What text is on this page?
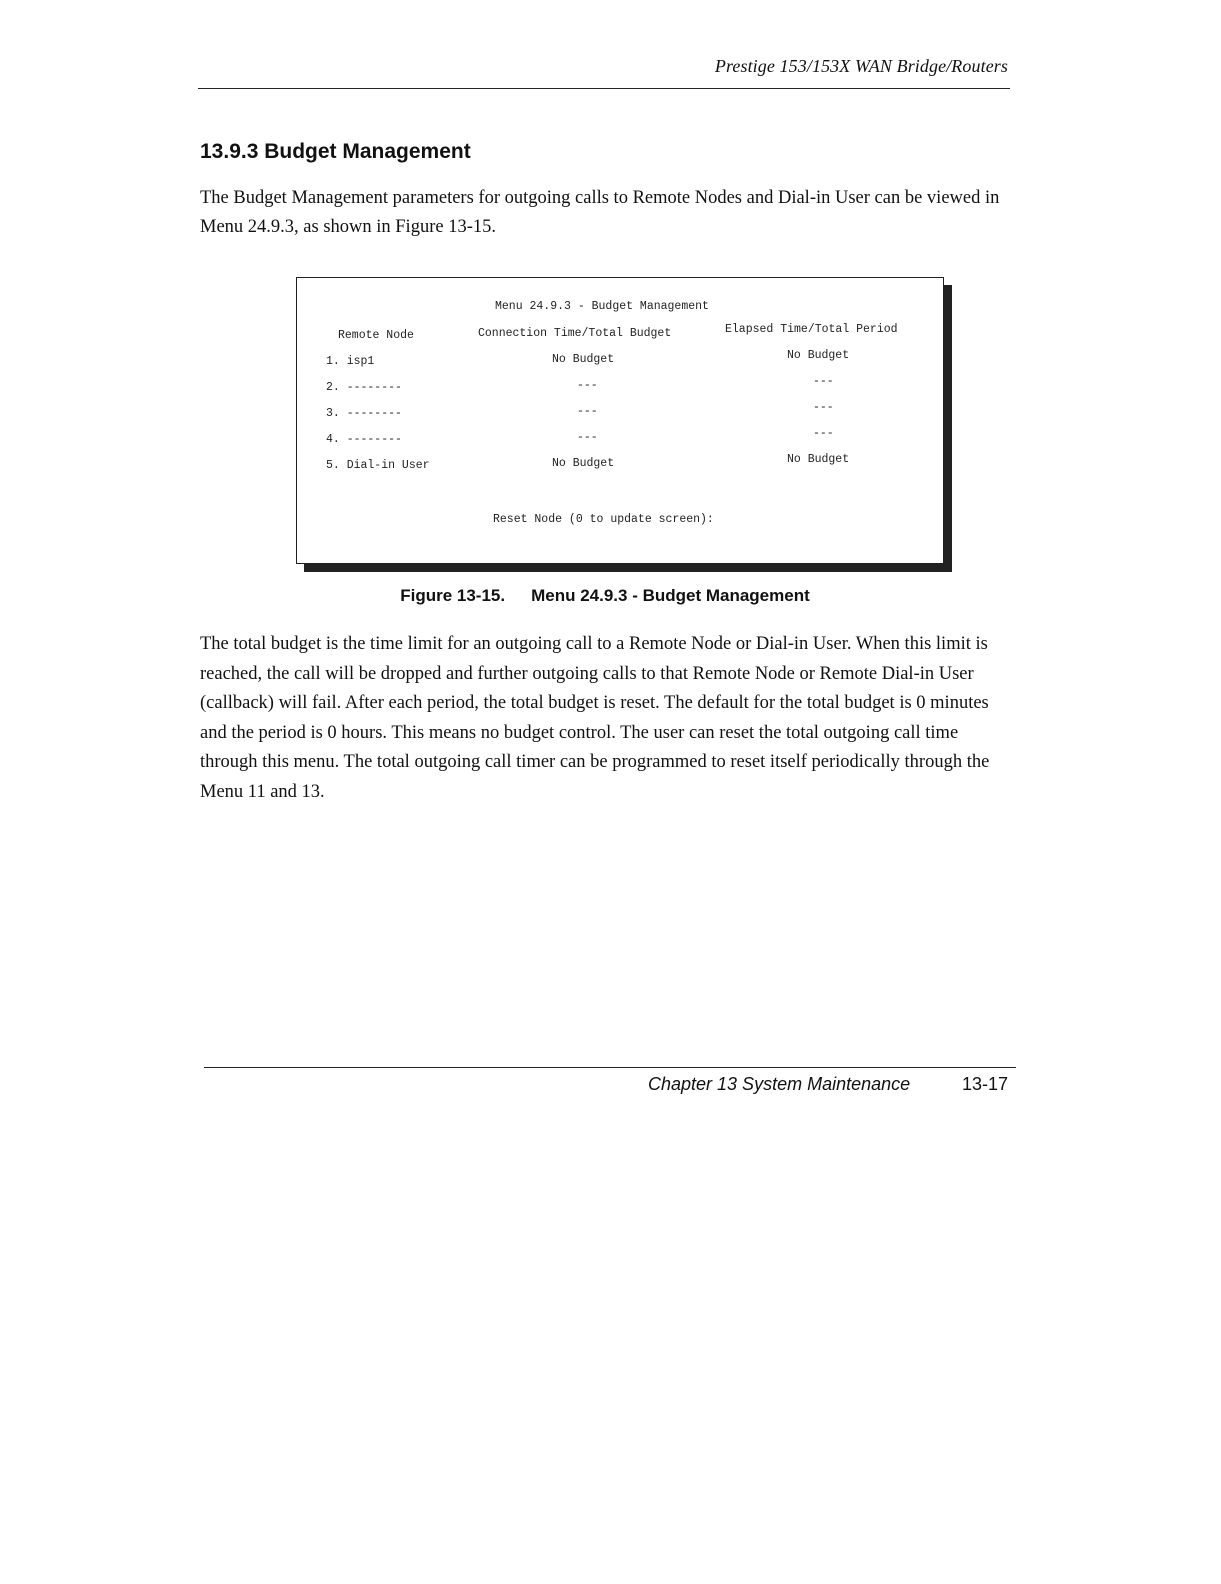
Prestige 153/153X WAN Bridge/Routers
13.9.3 Budget Management

The Budget Management parameters for outgoing calls to Remote Nodes and Dial-in User can be viewed in Menu 24.9.3, as shown in Figure 13-15.

Menu 24.9.3 - Budget Management
Remote Node	Connection Time/Total Budget	Elapsed Time/Total Period
1. isp1	No Budget	No Budget
2. --------	---	---
3. --------	---	---
4. --------	---	---
5. Dial-in User	No Budget	No Budget
Reset Node (0 to update screen):

Figure 13-15. Menu 24.9.3 - Budget Management

The total budget is the time limit for an outgoing call to a Remote Node or Dial-in User. When this limit is reached, the call will be dropped and further outgoing calls to that Remote Node or Remote Dial-in User (callback) will fail. After each period, the total budget is reset. The default for the total budget is 0 minutes and the period is 0 hours. This means no budget control. The user can reset the total outgoing call time through this menu. The total outgoing call timer can be programmed to reset itself periodically through the Menu 11 and 13.

Chapter 13 System Maintenance	13-17
